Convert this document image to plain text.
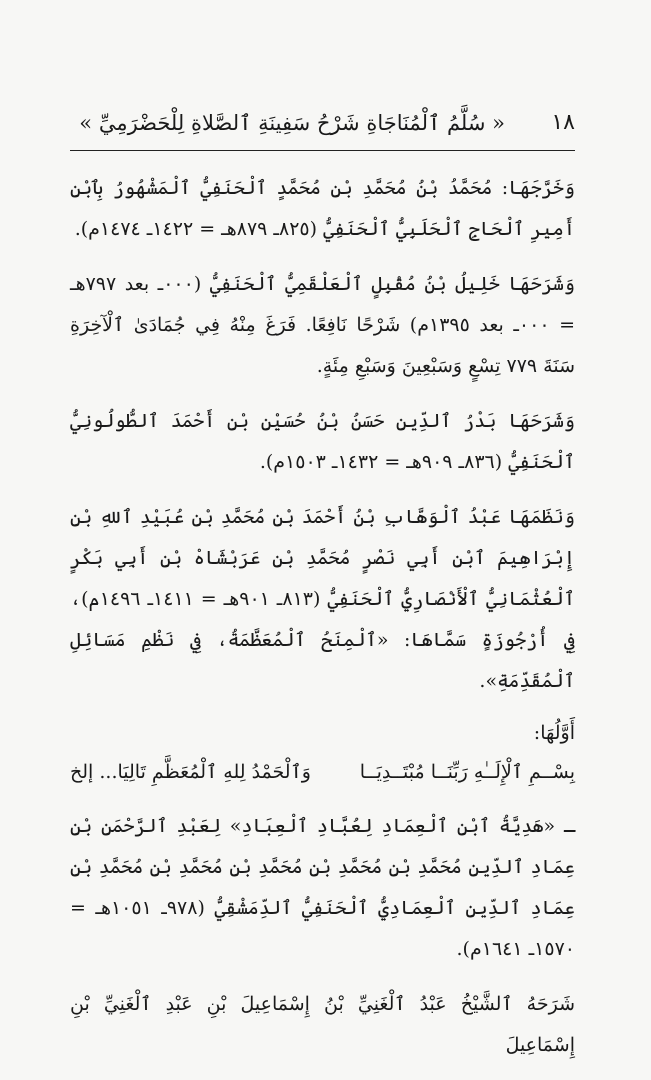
١٨
« سُلَّمُ ٱلْمُنَاجَاةِ شَرْحُ سَفِينَةِ ٱلصَّلاةِ لِلْحَضْرَمِيِّ »

وَخَرَّجَهَا: مُحَمَّدُ بْنُ مُحَمَّدِ بْنِ مُحَمَّدٍ ٱلْحَنَفِيُّ ٱلْمَشْهُورُ بِٱبْنِ أَمِيرِ ٱلْحَاجِ ٱلْحَلَبِيُّ ٱلْحَنَفِيُّ (٨٢٥ـ ٨٧٩هـ = ١٤٢٢ـ ١٤٧٤م).

وَشَرَحَهَا خَلِيلُ بْنُ مُقْبِلٍ ٱلْعَلْقَمِيُّ ٱلْحَنَفِيُّ (٠٠٠ـ بعد ٧٩٧هـ = ٠٠٠ـ بعد ١٣٩٥م) شَرْحًا نَافِعًا. فَرَغَ مِنْهُ فِي جُمَادَىٰ ٱلْآخِرَةِ سَنَةَ ٧٧٩ تِسْعٍ وَسَبْعِينَ وَسَبْعِ مِئَةٍ.

وَشَرَحَهَا بَدْرُ ٱلدِّينِ حَسَنُ بْنُ حُسَيْنِ بْنِ أَحْمَدَ ٱلطُّولُونِيُّ ٱلْحَنَفِيُّ (٨٣٦ـ ٩٠٩هـ = ١٤٣٢ـ ١٥٠٣م).

وَنَظَمَهَا عَبْدُ ٱلْوَهَّابِ بْنُ أَحْمَدَ بْنِ مُحَمَّدِ بْنِ عُبَيْدِ ٱللهِ بْنِ إِبْرَاهِيمَ ٱبْنِ أَبِي نَصْرٍ مُحَمَّدِ بْنِ عَرَبْشَاهْ بْنِ أَبِي بَكْرٍ ٱلْعُثْمَانِيُّ ٱلْأَنْصَارِيُّ ٱلْحَنَفِيُّ (٨١٣ـ ٩٠١هـ = ١٤١١ـ ١٤٩٦م)، فِي أُرْجُوزَةٍ سَمَّاهَا: «ٱلْمِنَحُ ٱلْمُعَظَّمَةُ، فِي نَظْمِ مَسَائِلِ ٱلْمُقَدِّمَةِ».

أَوَّلُهَا:

بِسْــمِ ٱلْإِلَــٰهِ رَبِّنَــا مُبْتَــدِيَــا
وَٱلْحَمْدُ لِلهِ ٱلْمُعَظَّمِ تَالِيَا... إلخ

ـ «هَدِيَّةُ ٱبْنِ ٱلْعِمَادِ لِعُبَّادِ ٱلْعِبَادِ» لِعَبْدِ ٱلرَّحْمَنِ بْنِ عِمَادِ ٱلدِّينِ مُحَمَّدِ بْنِ مُحَمَّدِ بْنِ مُحَمَّدِ بْنِ مُحَمَّدِ بْنِ مُحَمَّدِ بْنِ عِمَادِ ٱلدِّينِ ٱلْعِمَادِيُّ ٱلْحَنَفِيُّ ٱلدِّمَشْقِيُّ (٩٧٨ـ ١٠٥١هـ = ١٥٧٠ـ ١٦٤١م).

شَرَحَهُ ٱلشَّيْخُ عَبْدُ ٱلْغَنِيِّ بْنُ إِسْمَاعِيلَ بْنِ عَبْدِ ٱلْغَنِيِّ بْنِ إِسْمَاعِيلَ
